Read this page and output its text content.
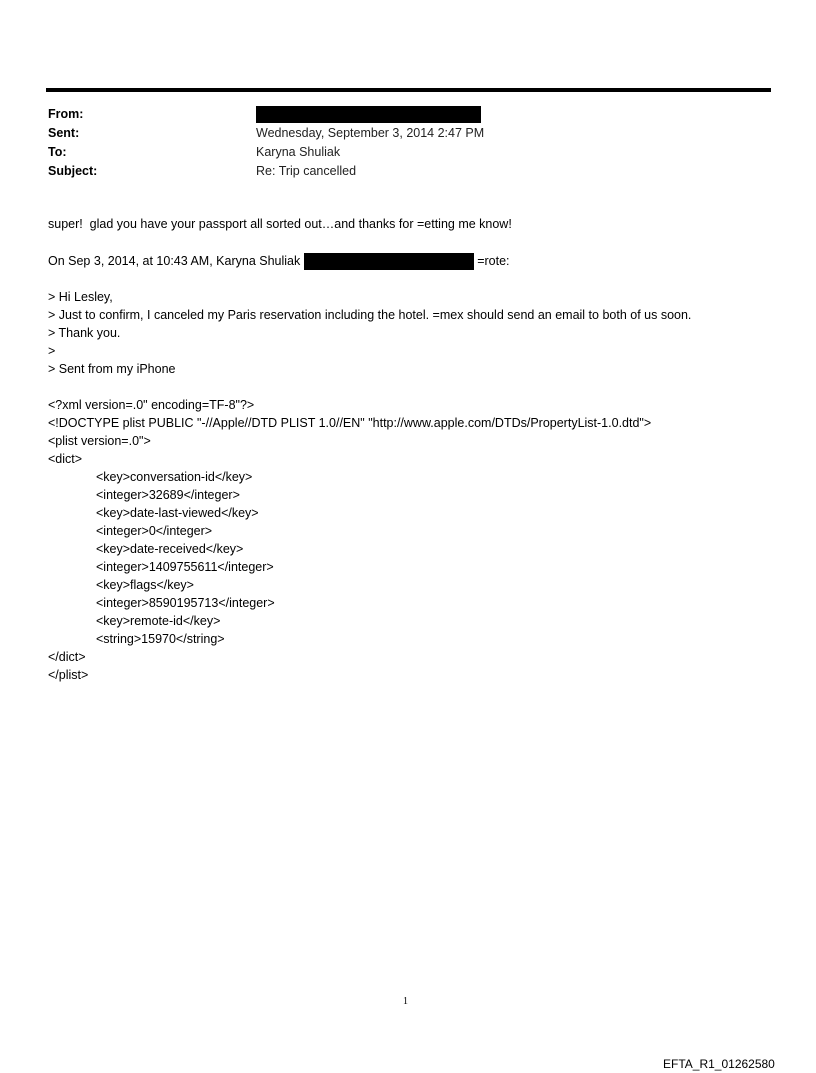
From:
Sent:	Wednesday, September 3, 2014 2:47 PM
To:	Karyna Shuliak
Subject:	Re: Trip cancelled
super!  glad you have your passport all sorted out…and thanks for =etting me know!
On Sep 3, 2014, at 10:43 AM, Karyna Shuliak	=rote:
> Hi Lesley,
> Just to confirm, I canceled my Paris reservation including the hotel. =mex should send an email to both of us soon.
> Thank you.
>
> Sent from my iPhone
<?xml version=.0" encoding=TF-8"?>
<!DOCTYPE plist PUBLIC "-//Apple//DTD PLIST 1.0//EN" "http://www.apple.com/DTDs/PropertyList-1.0.dtd">
<plist version=.0">
<dict>
<key>conversation-id</key>
<integer>32689</integer>
<key>date-last-viewed</key>
<integer>0</integer>
<key>date-received</key>
<integer>1409755611</integer>
<key>flags</key>
<integer>8590195713</integer>
<key>remote-id</key>
<string>15970</string>
</dict>
</plist>
1
EFTA_R1_01262580
